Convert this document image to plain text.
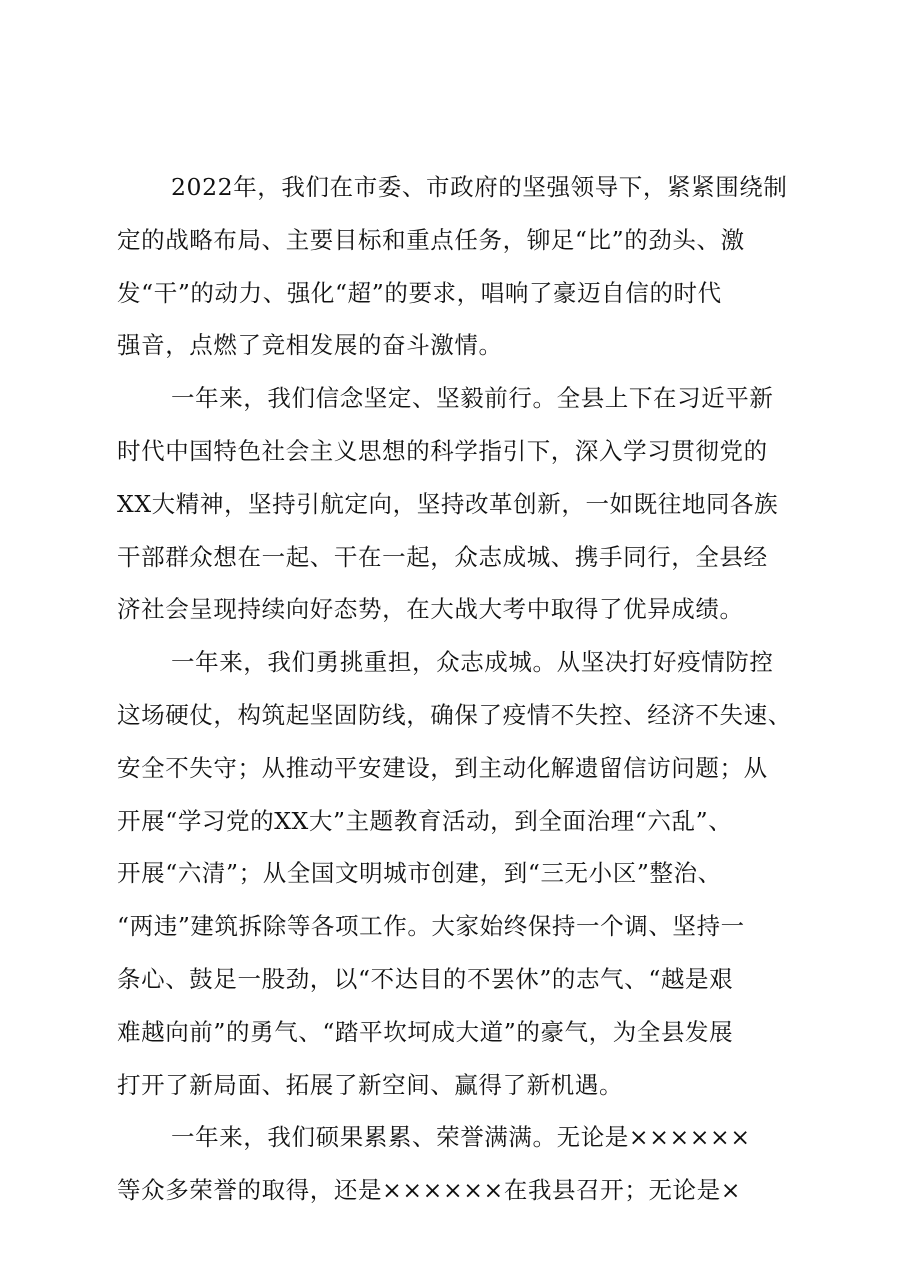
2022年，我们在市委、市政府的坚强领导下，紧紧围绕制
定的战略布局、主要目标和重点任务，铆足“比”的劲头、激
发“干”的动力、强化“超”的要求，唱响了豪迈自信的时代
强音，点燃了竞相发展的奋斗激情。
一年来，我们信念坚定、坚毅前行。全县上下在习近平新
时代中国特色社会主义思想的科学指引下，深入学习贯彻党的
XX大精神，坚持引航定向，坚持改革创新，一如既往地同各族
干部群众想在一起、干在一起，众志成城、携手同行，全县经
济社会呈现持续向好态势，在大战大考中取得了优异成绩。
一年来，我们勇挑重担，众志成城。从坚决打好疫情防控
这场硬仗，构筑起坚固防线，确保了疫情不失控、经济不失速、
安全不失守；从推动平安建设，到主动化解遗留信访问题；从
开展“学习党的XX大”主题教育活动，到全面治理“六乱”、
开展“六清”；从全国文明城市创建，到“三无小区”整治、
“两违”建筑拆除等各项工作。大家始终保持一个调、坚持一
条心、鼓足一股劲，以“不达目的不罢休”的志气、“越是艰
难越向前”的勇气、“踏平坎坷成大道”的豪气，为全县发展
打开了新局面、拓展了新空间、赢得了新机遇。
一年来，我们硕果累累、荣誉满满。无论是××××××
等众多荣誉的取得，还是××××××在我县召开；无论是×
